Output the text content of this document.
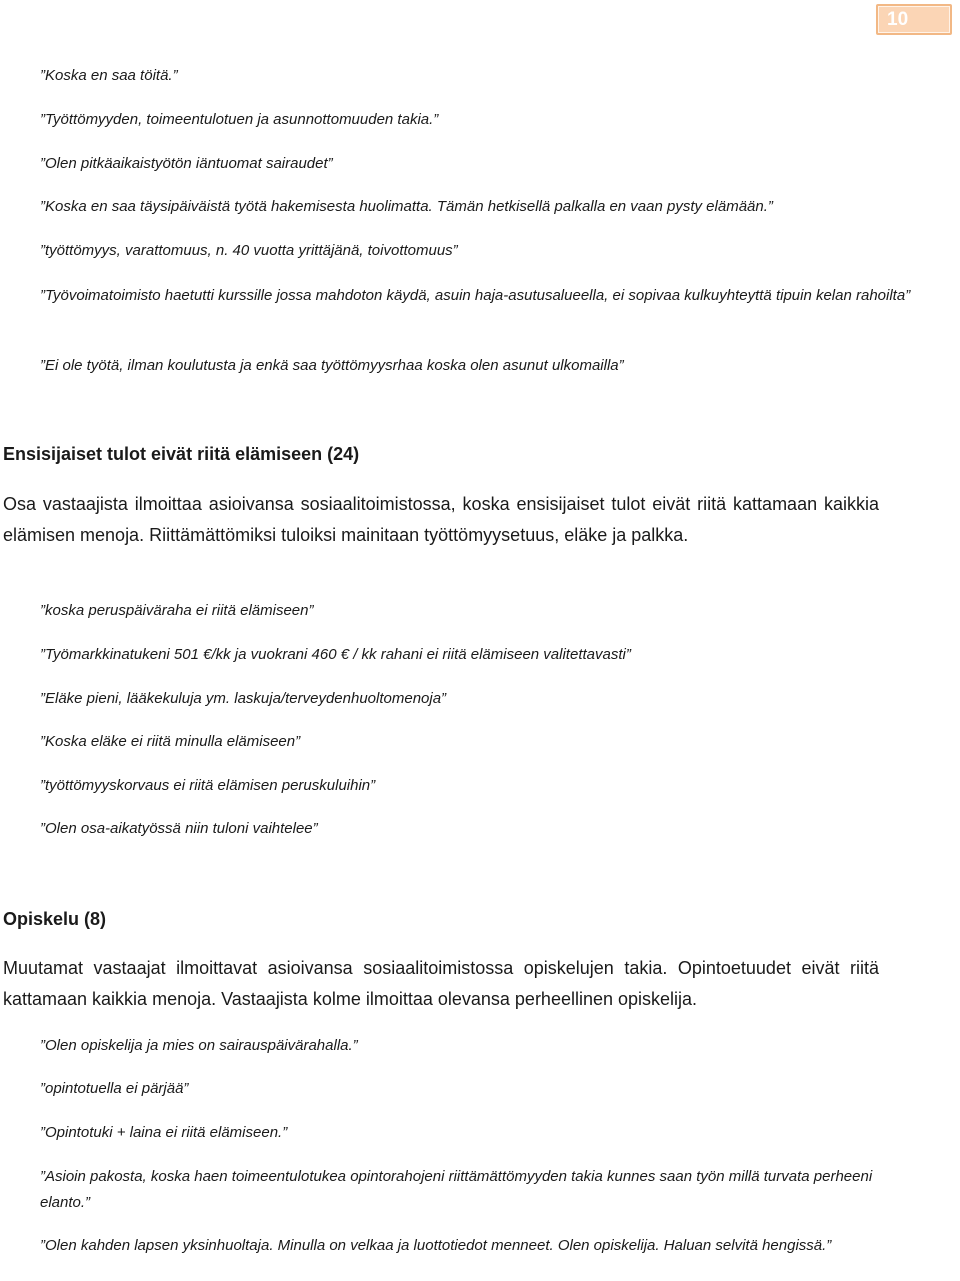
10
”Koska en saa töitä.”
”Työttömyyden, toimeentulotuen ja asunnottomuuden takia.”
”Olen pitkäaikaistyötön iäntuomat sairaudet”
”Koska en saa täysipäiväistä työtä hakemisesta huolimatta. Tämän hetkisellä palkalla en vaan pysty elämään.”
”työttömyys, varattomuus, n. 40 vuotta yrittäjänä, toivottomuus”
”Työvoimatoimisto haetutti kurssille jossa mahdoton käydä, asuin haja-asutusalueella, ei sopivaa kulkuyhteyttä tipuin kelan rahoilta”
”Ei ole työtä, ilman koulutusta ja enkä saa työttömyysrhaa koska olen asunut ulkomailla”
Ensisijaiset tulot eivät riitä elämiseen (24)
Osa vastaajista ilmoittaa asioivansa sosiaalitoimistossa, koska ensisijaiset tulot eivät riitä kattamaan kaikkia elämisen menoja. Riittämättömiksi tuloiksi mainitaan työttömyysetuus, eläke ja palkka.
”koska peruspäiväraha ei riitä elämiseen”
”Työmarkkinatukeni 501 €/kk ja vuokrani 460 € / kk rahani ei riitä elämiseen valitettavasti”
”Eläke pieni, lääkekuluja ym. laskuja/terveydenhuoltomenoja”
”Koska eläke ei riitä minulla elämiseen”
”työttömyyskorvaus ei riitä elämisen peruskuluihin”
”Olen osa-aikatyössä niin tuloni vaihtelee”
Opiskelu (8)
Muutamat vastaajat ilmoittavat asioivansa sosiaalitoimistossa opiskelujen takia. Opintoetuudet eivät riitä kattamaan kaikkia menoja. Vastaajista kolme ilmoittaa olevansa perheellinen opiskelija.
”Olen opiskelija ja mies on sairauspäivärahalla.”
”opintotuella ei pärjää”
”Opintotuki + laina ei riitä elämiseen.”
”Asioin pakosta, koska haen toimeentulotukea opintorahojeni riittämättömyyden takia kunnes saan työn millä turvata perheeni elanto.”
”Olen kahden lapsen yksinhuoltaja. Minulla on velkaa ja luottotiedot menneet. Olen opiskelija. Haluan selvitä hengissä.”
